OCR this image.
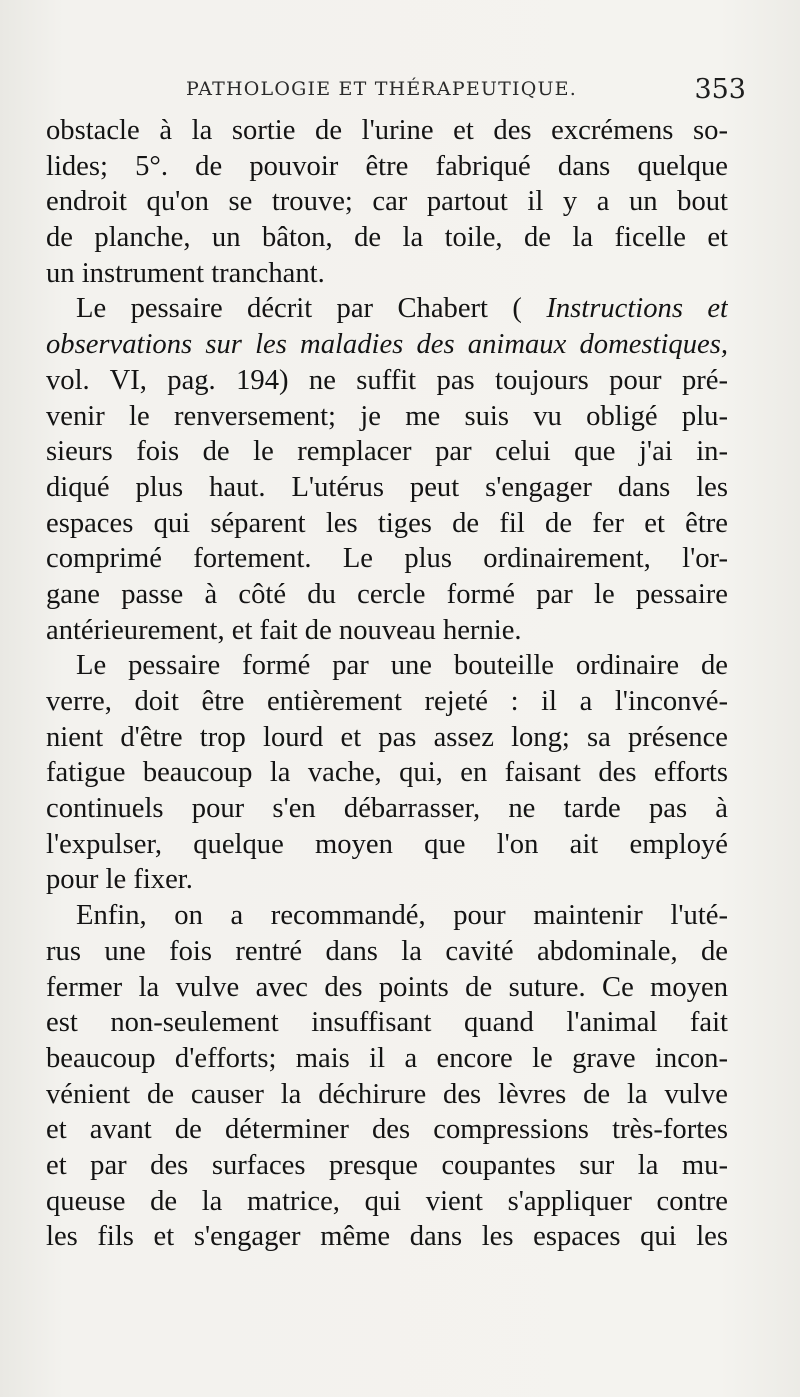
PATHOLOGIE ET THÉRAPEUTIQUE.	353
obstacle à la sortie de l'urine et des excrémens so-
lides; 5°. de pouvoir être fabriqué dans quelque
endroit qu'on se trouve; car partout il y a un bout
de planche, un bâton, de la toile, de la ficelle et
un instrument tranchant.
Le pessaire décrit par Chabert ( Instructions et
observations sur les maladies des animaux domestiques,
vol. VI, pag. 194) ne suffit pas toujours pour pré-
venir le renversement; je me suis vu obligé plu-
sieurs fois de le remplacer par celui que j'ai in-
diqué plus haut. L'utérus peut s'engager dans les
espaces qui séparent les tiges de fil de fer et être
comprimé fortement. Le plus ordinairement, l'or-
gane passe à côté du cercle formé par le pessaire
antérieurement, et fait de nouveau hernie.
Le pessaire formé par une bouteille ordinaire de
verre, doit être entièrement rejeté : il a l'inconvé-
nient d'être trop lourd et pas assez long; sa présence
fatigue beaucoup la vache, qui, en faisant des efforts
continuels pour s'en débarrasser, ne tarde pas à
l'expulser, quelque moyen que l'on ait employé
pour le fixer.
Enfin, on a recommandé, pour maintenir l'uté-
rus une fois rentré dans la cavité abdominale, de
fermer la vulve avec des points de suture. Ce moyen
est non-seulement insuffisant quand l'animal fait
beaucoup d'efforts; mais il a encore le grave incon-
vénient de causer la déchirure des lèvres de la vulve
et avant de déterminer des compressions très-fortes
et par des surfaces presque coupantes sur la mu-
queuse de la matrice, qui vient s'appliquer contre
les fils et s'engager même dans les espaces qui les
